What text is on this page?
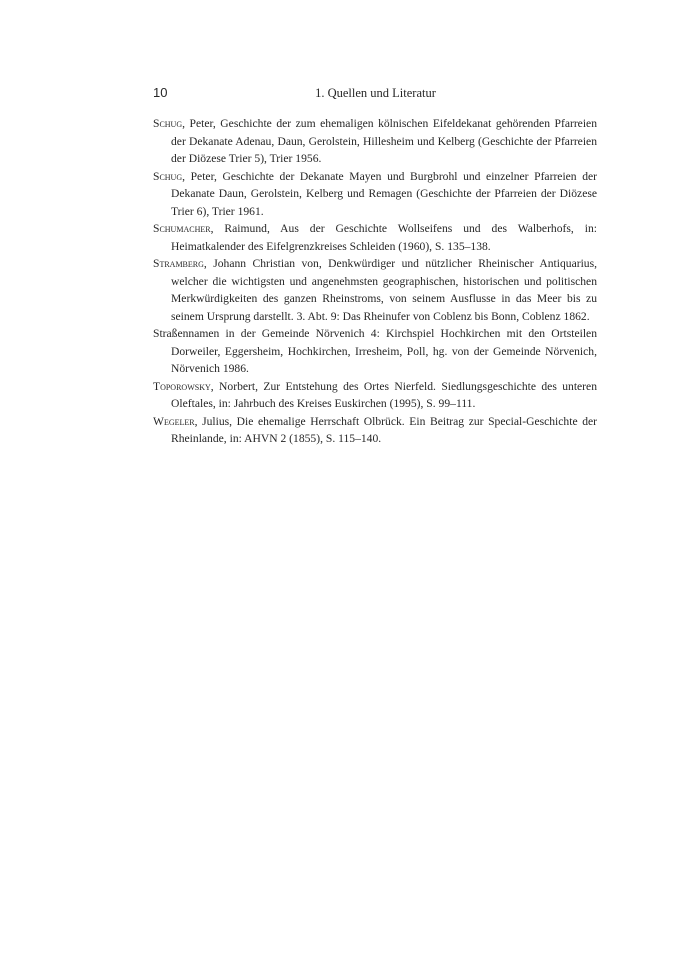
10	1. Quellen und Literatur
Schug, Peter, Geschichte der zum ehemaligen kölnischen Eifeldekanat gehörenden Pfarreien der Dekanate Adenau, Daun, Gerolstein, Hillesheim und Kelberg (Geschichte der Pfarreien der Diözese Trier 5), Trier 1956.
Schug, Peter, Geschichte der Dekanate Mayen und Burgbrohl und einzelner Pfarreien der Dekanate Daun, Gerolstein, Kelberg und Remagen (Geschichte der Pfarreien der Diözese Trier 6), Trier 1961.
Schumacher, Raimund, Aus der Geschichte Wollseifens und des Walberhofs, in: Heimatkalender des Eifelgrenzkreises Schleiden (1960), S. 135–138.
Stramberg, Johann Christian von, Denkwürdiger und nützlicher Rheinischer Antiquarius, welcher die wichtigsten und angenehmsten geographischen, historischen und politischen Merkwürdigkeiten des ganzen Rheinstroms, von seinem Ausflusse in das Meer bis zu seinem Ursprung darstellt. 3. Abt. 9: Das Rheinufer von Coblenz bis Bonn, Coblenz 1862.
Straßennamen in der Gemeinde Nörvenich 4: Kirchspiel Hochkirchen mit den Ortsteilen Dorweiler, Eggersheim, Hochkirchen, Irresheim, Poll, hg. von der Gemeinde Nörvenich, Nörvenich 1986.
Toporowsky, Norbert, Zur Entstehung des Ortes Nierfeld. Siedlungsgeschichte des unteren Oleftales, in: Jahrbuch des Kreises Euskirchen (1995), S. 99–111.
Wegeler, Julius, Die ehemalige Herrschaft Olbrück. Ein Beitrag zur Special-Geschichte der Rheinlande, in: AHVN 2 (1855), S. 115–140.
